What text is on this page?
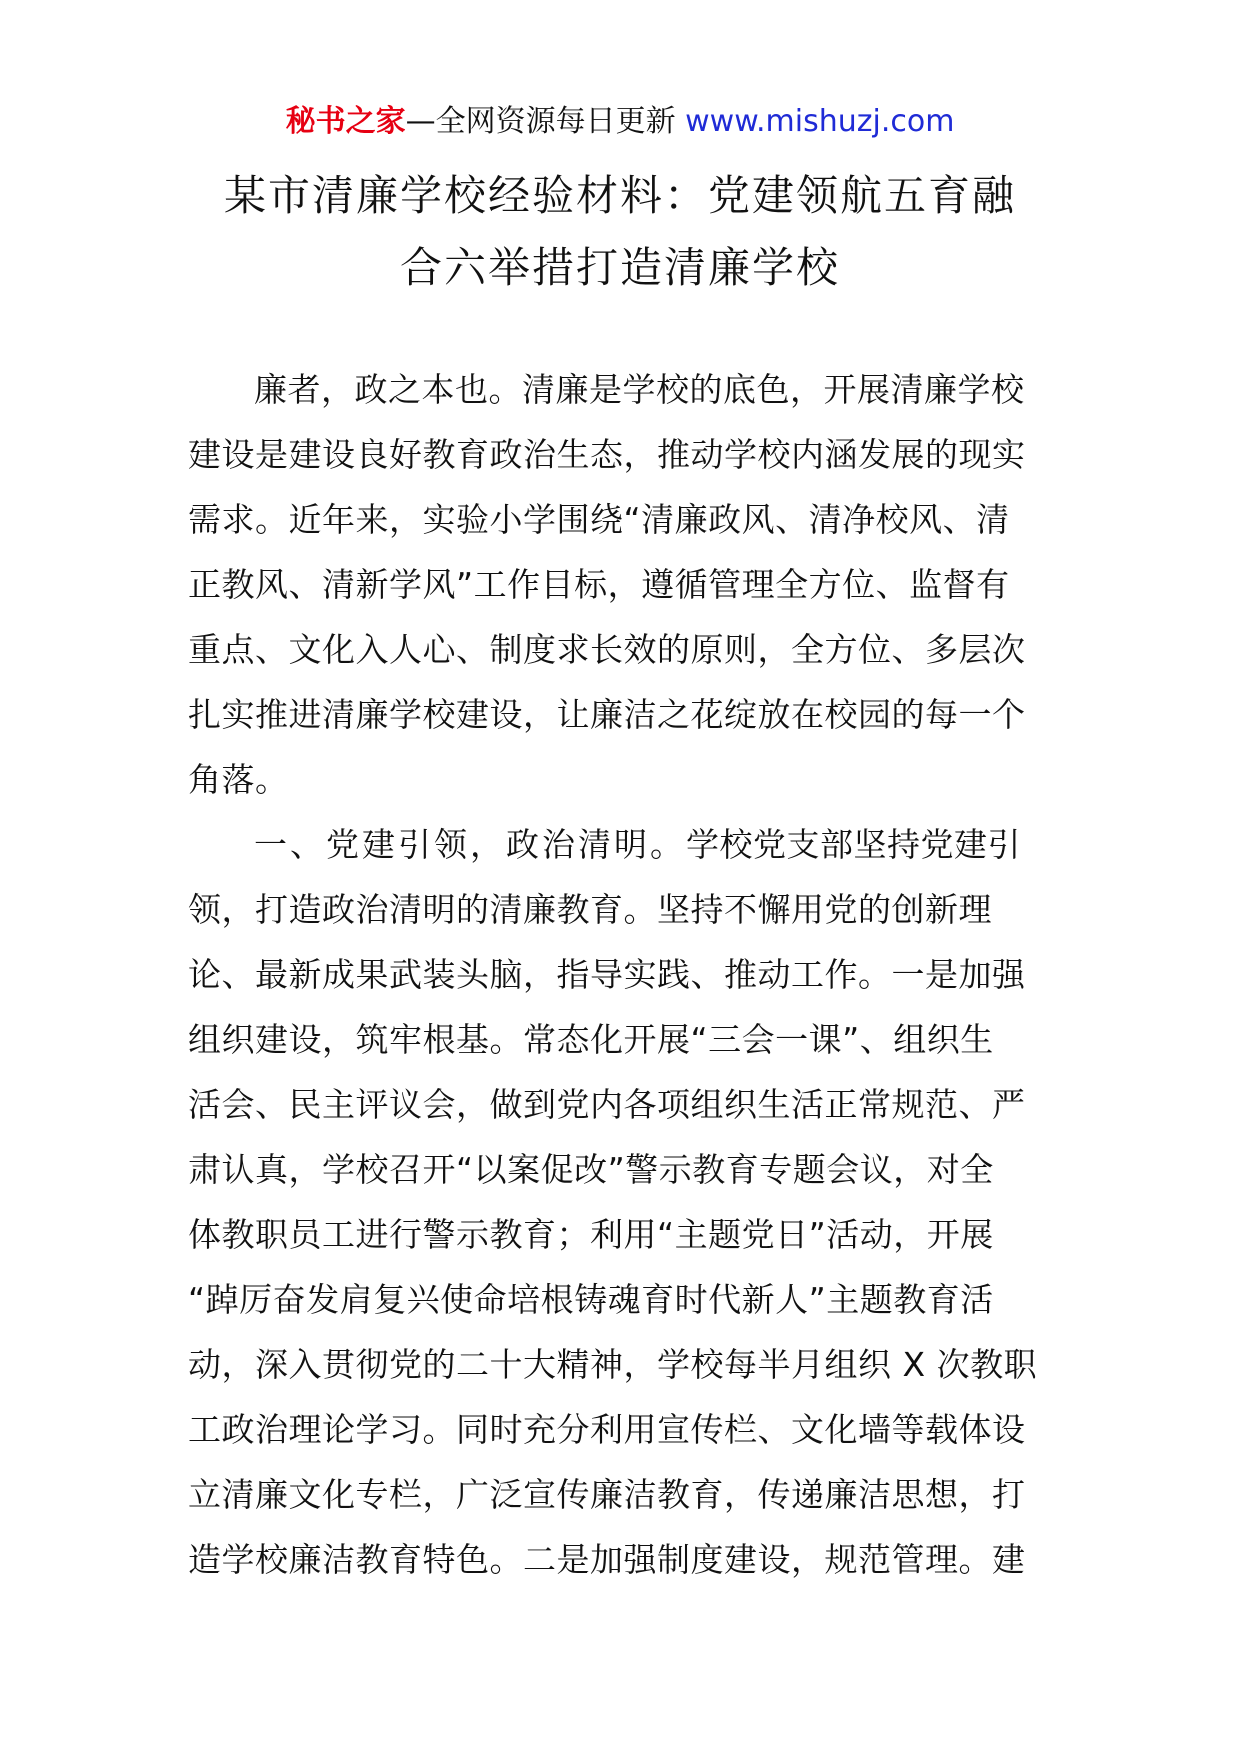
秘书之家—全网资源每日更新 www.mishuzj.com
某市清廉学校经验材料：党建领航五育融
合六举措打造清廉学校

廉者，政之本也。清廉是学校的底色，开展清廉学校
建设是建设良好教育政治生态，推动学校内涵发展的现实
需求。近年来，实验小学围绕“清廉政风、清净校风、清
正教风、清新学风”工作目标，遵循管理全方位、监督有
重点、文化入人心、制度求长效的原则，全方位、多层次
扎实推进清廉学校建设，让廉洁之花绽放在校园的每一个
角落。

一、党建引领，政治清明。学校党支部坚持党建引
领，打造政治清明的清廉教育。坚持不懈用党的创新理
论、最新成果武装头脑，指导实践、推动工作。一是加强
组织建设，筑牢根基。常态化开展“三会一课”、组织生
活会、民主评议会，做到党内各项组织生活正常规范、严
肃认真，学校召开“以案促改”警示教育专题会议，对全
体教职员工进行警示教育；利用“主题党日”活动，开展
“踔厉奋发肩复兴使命培根铸魂育时代新人”主题教育活
动，深入贯彻党的二十大精神，学校每半月组织 X 次教职
工政治理论学习。同时充分利用宣传栏、文化墙等载体设
立清廉文化专栏，广泛宣传廉洁教育，传递廉洁思想，打
造学校廉洁教育特色。二是加强制度建设，规范管理。建
